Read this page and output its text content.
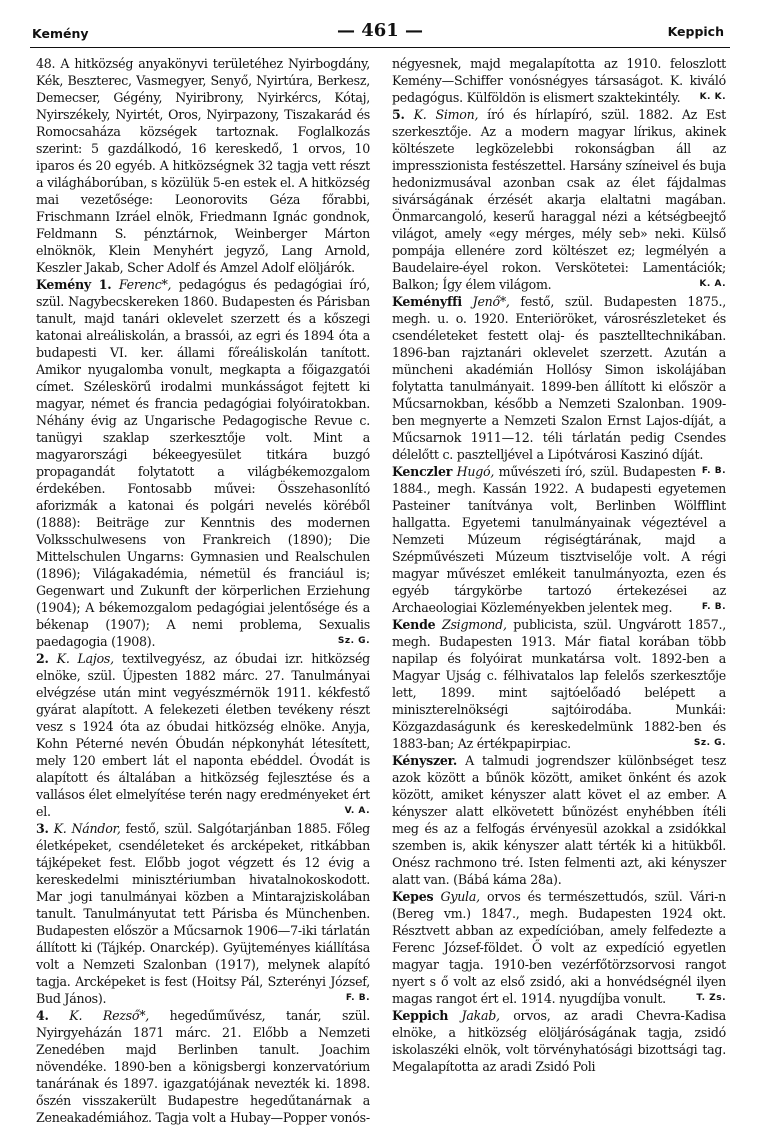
Kemény	— 461 —	Keppich

48. A hitközség anyakönyvi területéhez Nyirbogdány, Kék, Beszterec, Vasmegyer, Senyő, Nyirtúra, Berkesz, Demecser, Gégény, Nyiribrony, Nyirkércs, Kótaj, Nyirszékely, Nyirtét, Oros, Nyirpazony, Tiszakarád és Romocsaháza községek tartoznak. Foglalkozás szerint: 5 gazdálkodó, 16 kereskedő, 1 orvos, 10 iparos és 20 egyéb. A hitközségnek 32 tagja vett részt a világháborúban, s közülük 5-en estek el. A hitközség mai vezetősége: Leonorovits Géza főrabbi, Frischmann Izráel elnök, Friedmann Ignác gondnok, Feldmann S. pénztárnok, Weinberger Márton elnöknök, Klein Menyhért jegyző, Lang Arnold, Keszler Jakab, Scher Adolf és Amzel Adolf elöljárók.

Kemény 1. Ferenc*, pedagógus és pedagógiai író, szül. Nagybecskereken 1860. Budapesten és Párisban tanult, majd tanári oklevelet szerzett és a kőszegi katonai alreáliskolán, a brassói, az egri és 1894 óta a budapesti VI. ker. állami főreáliskolán tanított. Amikor nyugalomba vonult, megkapta a főigazgatói címet. Széleskörű irodalmi munkásságot fejtett ki magyar, német és francia pedagógiai folyóiratokban. Néhány évig az Ungarische Pedagogische Revue c. tanügyi szaklap szerkesztője volt. Mint a magyarországi békeegyesület titkára buzgó propagandát folytatott a világbékemozgalom érdekében. Fontosabb művei: Összehasonlító aforizmák a katonai és polgári nevelés köréből (1888): Beiträge zur Kenntnis des modernen Volksschulwesens von Frankreich (1890); Die Mittelschulen Ungarns: Gymnasien und Realschulen (1896); Világakadémia, németül és franciául is; Gegenwart und Zukunft der körperlichen Erziehung (1904); A békemozgalom pedagógiai jelentősége és a békenap (1907); A nemi problema, Sexualis paedagogia (1908).	Sz. G.

2. K. Lajos, textilvegyész, az óbudai izr. hitközség elnöke, szül. Újpesten 1882 márc. 27. Tanulmányai elvégzése után mint vegyészmérnök 1911. kékfestő gyárat alapított. A felekezeti életben tevékeny részt vesz s 1924 óta az óbudai hitközség elnöke. Anyja, Kohn Péterné nevén Óbudán népkonyhát létesített, mely 120 embert lát el naponta ebéddel. Óvodát is alapított és általában a hitközség fejlesztése és a vallásos élet elmelyítése terén nagy eredményeket ért el.	V. A.

3. K. Nándor, festő, szül. Salgótarjánban 1885. Főleg életképeket, csendéleteket és arcképeket, ritkábban tájképeket fest. Előbb jogot végzett és 12 évig a kereskedelmi minisztériumban hivatalnokoskodott. Mar jogi tanulmányai közben a Mintarajziskolában tanult. Tanulmányutat tett Párisba és Münchenben. Budapesten először a Műcsarnok 1906—7-iki tárlatán állított ki (Tájkép. Onarckép). Gyüjteményes kiállítása volt a Nemzeti Szalonban (1917), melynek alapító tagja. Arcképeket is fest (Hoitsy Pál, Szterényi József, Bud János).	F. B.

4. K. Rezső*, hegedűművész, tanár, szül. Nyirgyeházán 1871 márc. 21. Előbb a Nemzeti Zenedében majd Berlinben tanult. Joachim növendéke. 1890-ben a königsbergi konzervatórium tanárának és 1897. igazgatójának nevezték ki. 1898. őszén visszakerült Budapestre hegedűtanárnak a Zeneakadémiához. Tagja volt a Hubay—Popper vonós-

négyesnek, majd megalapította az 1910. feloszlott Kemény—Schiffer vonósnégyes társaságot. K. kiváló pedagógus. Külföldön is elismert szaktekintély. K. K.

5. K. Simon, író és hírlapíró, szül. 1882. Az Est szerkesztője. Az a modern magyar lírikus, akinek költészete legközelebbi rokonságban áll az impresszionista festészettel. Harsány színeivel és buja hedonizmusával azonban csak az élet fájdalmas sivárságának érzését akarja elaltatni magában. Önmarcangoló, keserű haraggal nézi a kétségbeejtő világot, amely «egy mérges, mély seb» neki. Külső pompája ellenére zord költészet ez; legmélyén a Baudelaire-éyel rokon. Verskötetei: Lamentációk; Balkon; Így élem világom.	K. A.

Keményffi Jenő*, festő, szül. Budapesten 1875., megh. u. o. 1920. Enteriöröket, városrészleteket és csendéleteket festett olaj- és pasztelltechnikában. 1896-ban rajztanári oklevelet szerzett. Azután a müncheni akadémián Hollósy Simon iskolájában folytatta tanulmányait. 1899-ben állított ki először a Műcsarnokban, később a Nemzeti Szalonban. 1909-ben megnyerte a Nemzeti Szalon Ernst Lajos-díját, a Műcsarnok 1911—12. téli tárlatán pedig Csendes délelőtt c. pasztelljével a Lipótvárosi Kaszinó díját.
F. B.

Kenczler Hugó, művészeti író, szül. Budapesten 1884., megh. Kassán 1922. A budapesti egyetemen Pasteiner tanítványa volt, Berlinben Wölfflint hallgatta. Egyetemi tanulmányainak végeztével a Nemzeti Múzeum régiségtárának, majd a Szépművészeti Múzeum tisztviselője volt. A régi magyar művészet emlékeit tanulmányozta, ezen és egyéb tárgykörbe tartozó értekezései az Archaeologiai Közleményekben jelentek meg.	F. B.

Kende Zsigmond, publicista, szül. Ungvárott 1857., megh. Budapesten 1913. Már fiatal korában több napilap és folyóirat munkatársa volt. 1892-ben a Magyar Ujság c. félhivatalos lap felelős szerkesztője lett, 1899. mint sajtóelőadó belépett a miniszterelnökségi sajtóirodába. Munkái: Közgazdaságunk és kereskedelmünk 1882-ben és 1883-ban; Az értékpapirpiac.	Sz. G.

Kényszer. A talmudi jogrendszer különbséget tesz azok között a bűnök között, amiket önként és azok között, amiket kényszer alatt követ el az ember. A kényszer alatt elkövetett bűnözést enyhébben ítéli meg és az a felfogás érvényesül azokkal a zsidókkal szemben is, akik kényszer alatt térték ki a hitükből. Onész rachmono tré. Isten felmenti azt, aki kényszer alatt van. (Bábá káma 28a).

Kepes Gyula, orvos és természettudós, szül. Vári-n (Bereg vm.) 1847., megh. Budapesten 1924 okt. Résztvett abban az expedícióban, amely felfedezte a Ferenc József-földet. Ő volt az expedíció egyetlen magyar tagja. 1910-ben vezérfőtörzsorvosi rangot nyert s ő volt az első zsidó, aki a honvédségnél ilyen magas rangot ért el. 1914. nyugdíjba vonult.	T. Zs.

Keppich Jakab, orvos, az aradi Chevra-Kadisa elnöke, a hitközség elöljáróságának tagja, zsidó iskolaszéki elnök, volt törvényhatósági bizottsági tag. Megalapította az aradi Zsidó Poli
